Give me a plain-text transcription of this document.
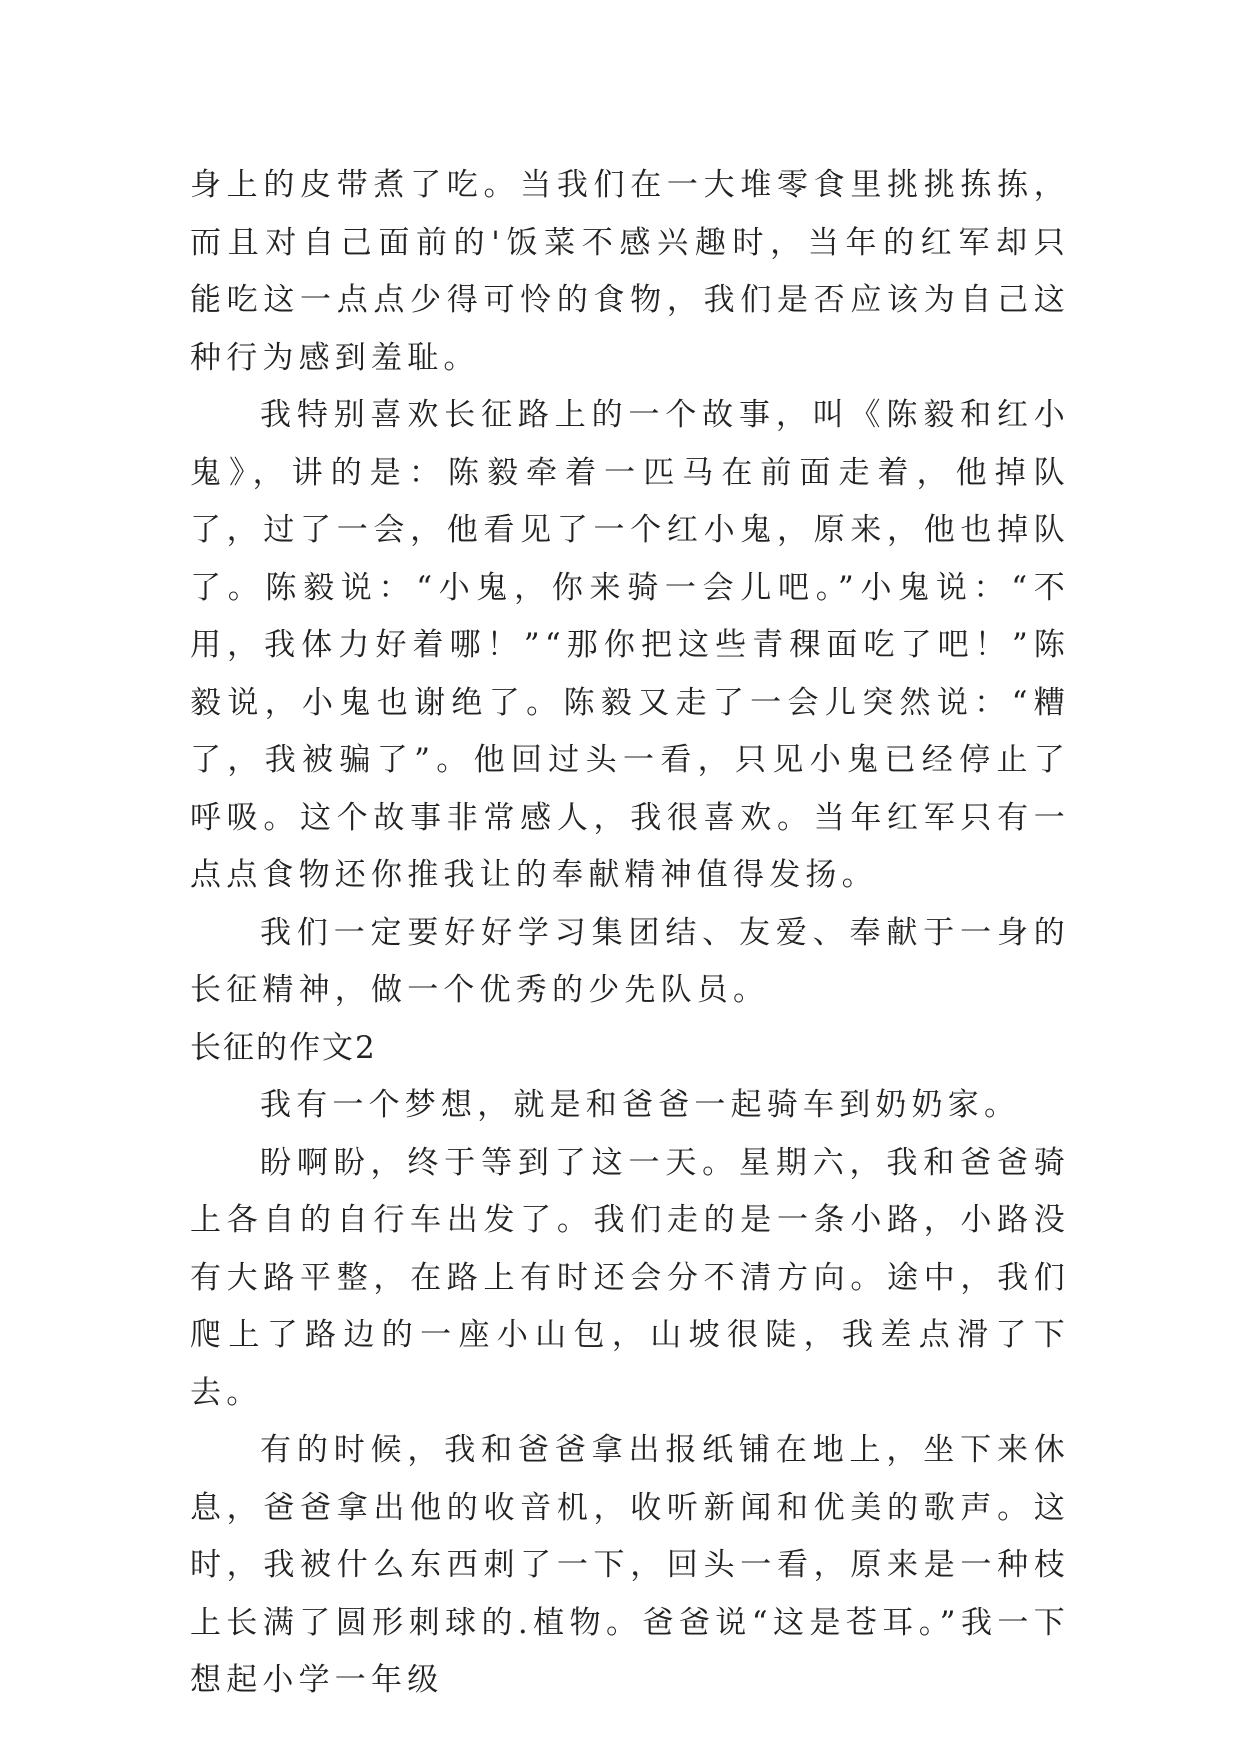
身上的皮带煮了吃。当我们在一大堆零食里挑挑拣拣，而且对自己面前的'饭菜不感兴趣时，当年的红军却只能吃这一点点少得可怜的食物，我们是否应该为自己这种行为感到羞耻。

我特别喜欢长征路上的一个故事，叫《陈毅和红小鬼》，讲的是：陈毅牵着一匹马在前面走着，他掉队了，过了一会，他看见了一个红小鬼，原来，他也掉队了。陈毅说：“小鬼，你来骑一会儿吧。”小鬼说：“不用，我体力好着哪！”“那你把这些青稞面吃了吧！”陈毅说，小鬼也谢绝了。陈毅又走了一会儿突然说：“糟了，我被骗了”。他回过头一看，只见小鬼已经停止了呼吸。这个故事非常感人，我很喜欢。当年红军只有一点点食物还你推我让的奉献精神值得发扬。

我们一定要好好学习集团结、友爱、奉献于一身的长征精神，做一个优秀的少先队员。

长征的作文2

我有一个梦想，就是和爸爸一起骑车到奶奶家。

盼啊盼，终于等到了这一天。星期六，我和爸爸骑上各自的自行车出发了。我们走的是一条小路，小路没有大路平整，在路上有时还会分不清方向。途中，我们爬上了路边的一座小山包，山坡很陡，我差点滑了下去。

有的时候，我和爸爸拿出报纸铺在地上，坐下来休息，爸爸拿出他的收音机，收听新闻和优美的歌声。这时，我被什么东西刺了一下，回头一看，原来是一种枝上长满了圆形刺球的.植物。爸爸说“这是苍耳。”我一下想起小学一年级
